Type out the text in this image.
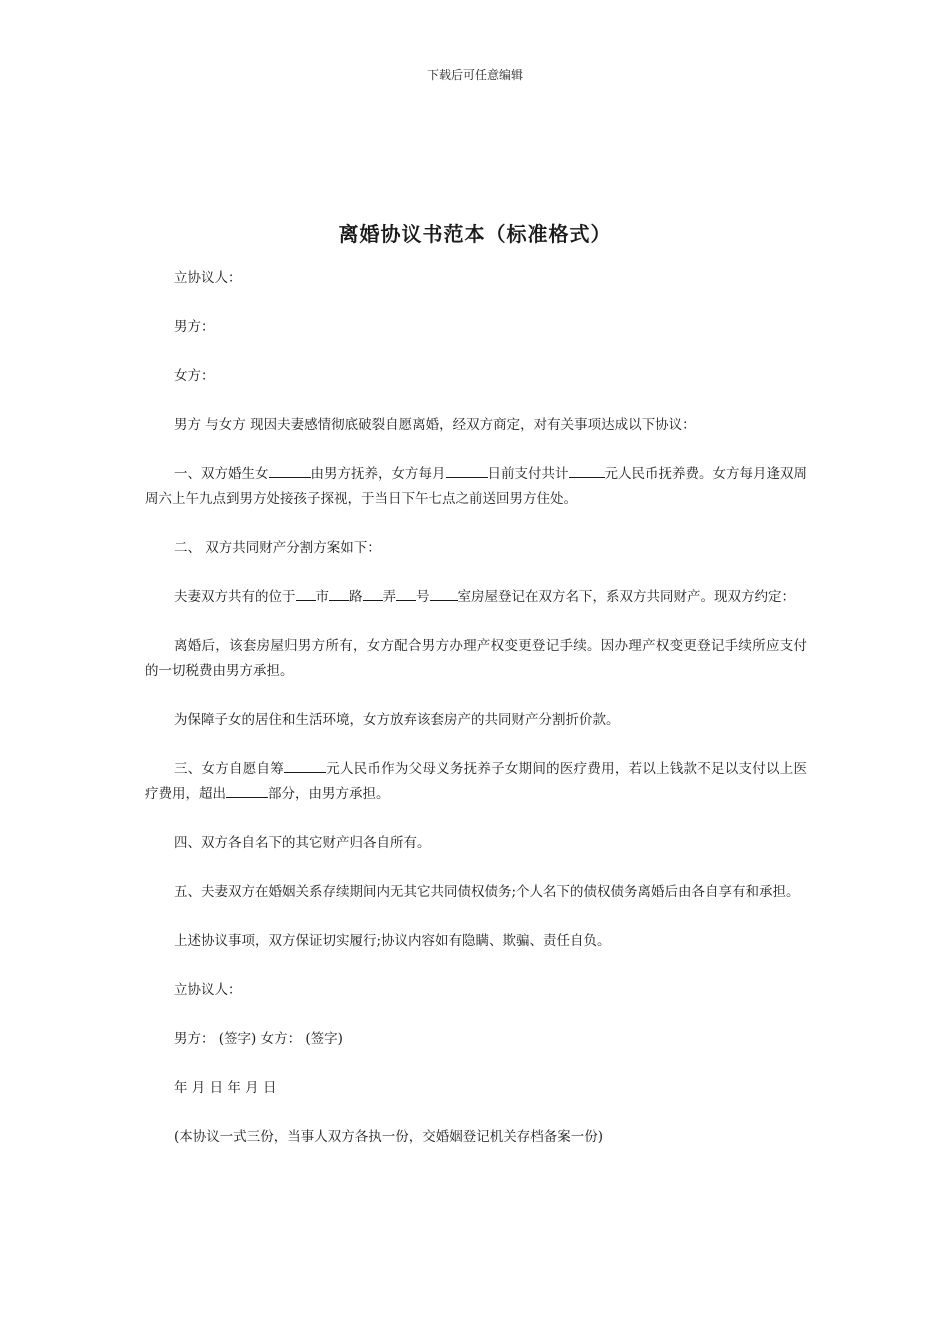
下载后可任意编辑
离婚协议书范本（标准格式）

立协议人：

男方：

女方：

男方 与女方 现因夫妻感情彻底破裂自愿离婚，经双方商定，对有关事项达成以下协议：

一、双方婚生女	由男方抚养，女方每月	日前支付共计	元人民币抚养费。女方每月逢双周周六上午九点到男方处接孩子探视，于当日下午七点之前送回男方住处。

二、 双方共同财产分割方案如下：

夫妻双方共有的位于 市 路 弄 号 室房屋登记在双方名下，系双方共同财产。现双方约定：

离婚后，该套房屋归男方所有，女方配合男方办理产权变更登记手续。因办理产权变更登记手续所应支付的一切税费由男方承担。

为保障子女的居住和生活环境，女方放弃该套房产的共同财产分割折价款。

三、女方自愿自筹	元人民币作为父母义务抚养子女期间的医疗费用，若以上钱款不足以支付以上医疗费用，超出	部分，由男方承担。

四、双方各自名下的其它财产归各自所有。

五、夫妻双方在婚姻关系存续期间内无其它共同债权债务;个人名下的债权债务离婚后由各自享有和承担。

上述协议事项，双方保证切实履行;协议内容如有隐瞒、欺骗、责任自负。

立协议人：

男方： (签字) 女方： (签字)

年 月 日 年 月 日

(本协议一式三份，当事人双方各执一份，交婚姻登记机关存档备案一份)
